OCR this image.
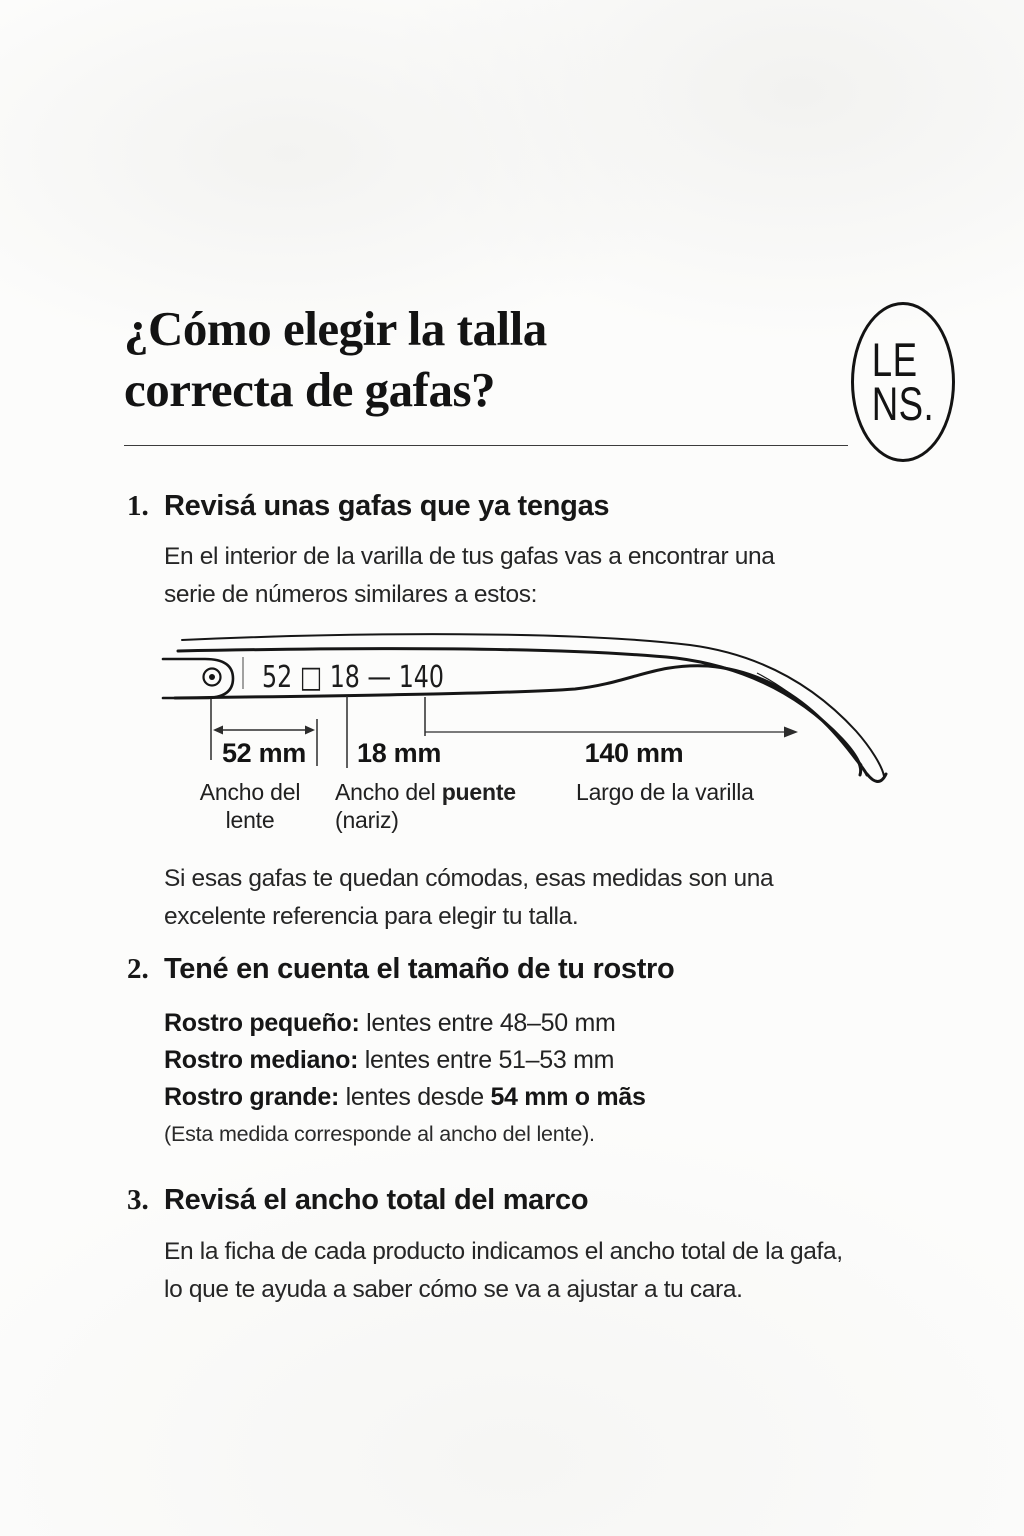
¿Cómo elegir la talla
correcta de gafas?
LE
NS.
1. Revisá unas gafas que ya tengas
En el interior de la varilla de tus gafas vas a encontrar una
serie de números similares a estos:
52 □ 18 — 140
52 mm	18 mm	140 mm
Ancho del
lente
Ancho del puente
(nariz)
Largo de la varilla
Si esas gafas te quedan cómodas, esas medidas son una
excelente referencia para elegir tu talla.
2. Tené en cuenta el tamaño de tu rostro
Rostro pequeño: lentes entre 48–50 mm
Rostro mediano: lentes entre 51–53 mm
Rostro grande: lentes desde 54 mm o mãs
(Esta medida corresponde al ancho del lente).
3. Revisá el ancho total del marco
En la ficha de cada producto indicamos el ancho total de la gafa,
lo que te ayuda a saber cómo se va a ajustar a tu cara.
